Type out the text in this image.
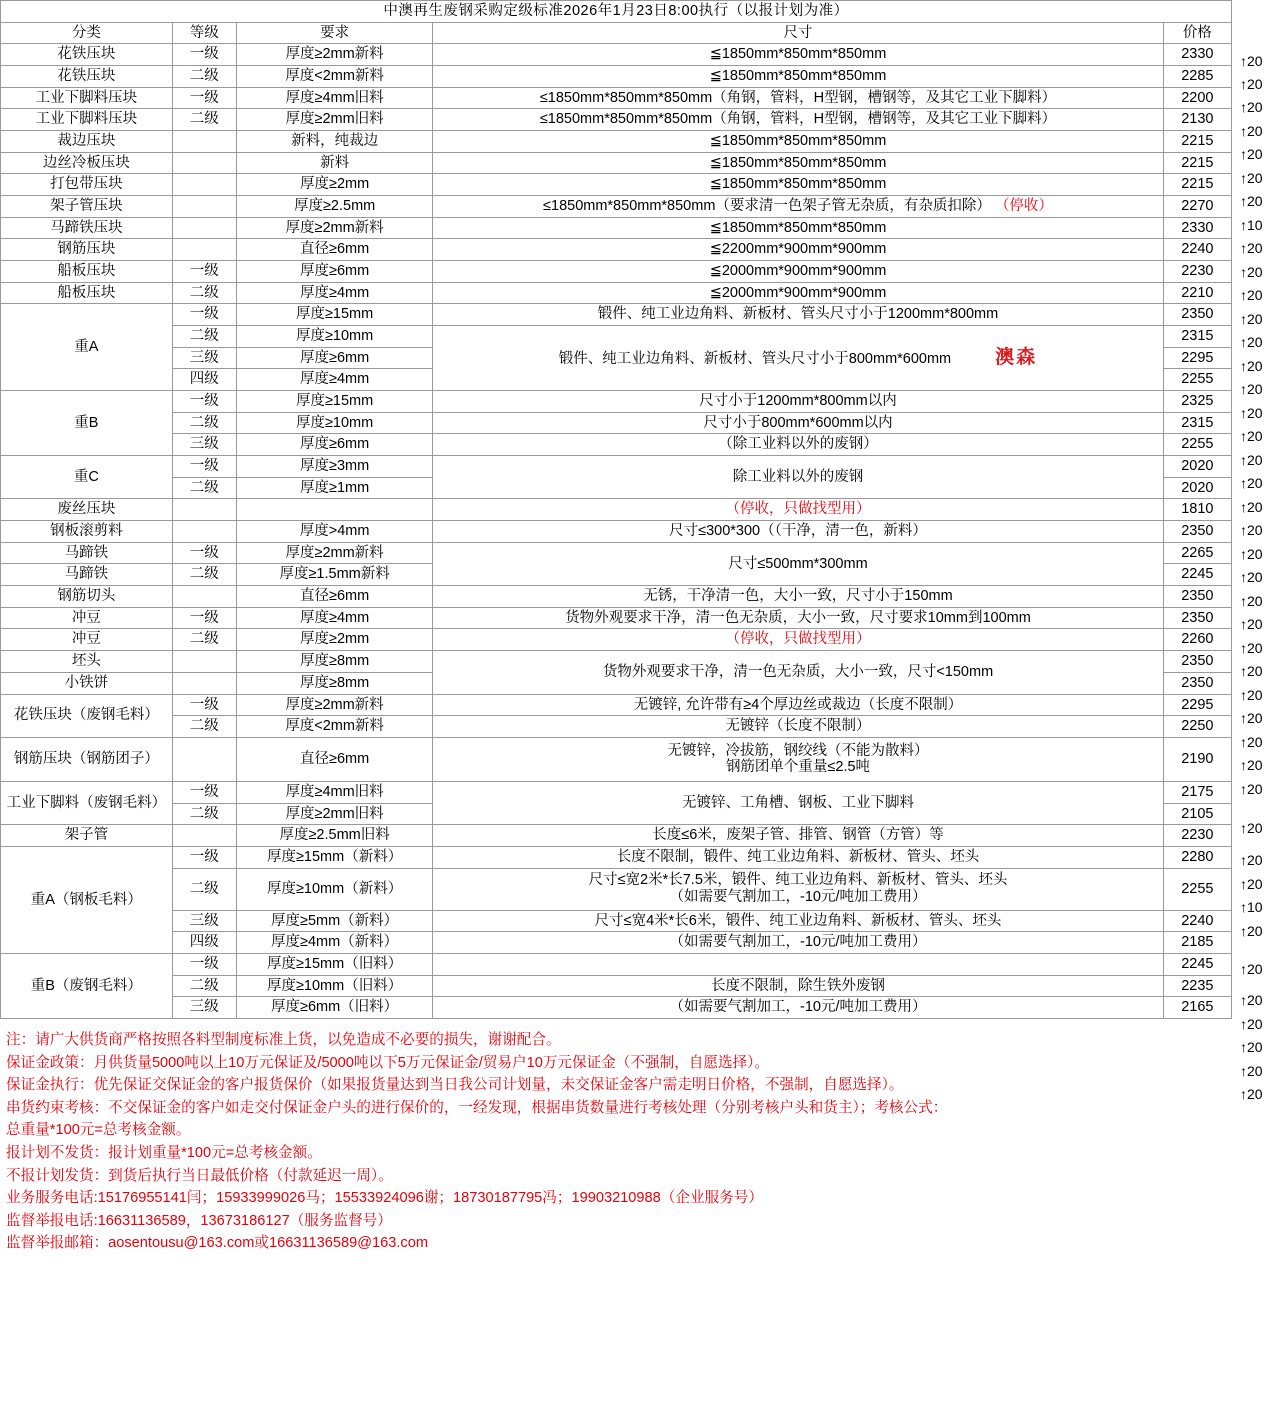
中澳再生废钢采购定级标准2026年1月23日8:00执行（以报计划为准）				
分类	等级	要求	尺寸	价格
花铁压块	一级	厚度≥2mm新料	≦1850mm*850mm*850mm	2330
花铁压块	二级	厚度<2mm新料	≦1850mm*850mm*850mm	2285
工业下脚料压块	一级	厚度≥4mm旧料	≤1850mm*850mm*850mm（角钢，管料，H型钢，槽钢等，及其它工业下脚料）	2200
工业下脚料压块	二级	厚度≥2mm旧料	≤1850mm*850mm*850mm（角钢，管料，H型钢，槽钢等，及其它工业下脚料）	2130
裁边压块		新料，纯裁边	≦1850mm*850mm*850mm	2215
边丝冷板压块		新料	≦1850mm*850mm*850mm	2215
打包带压块		厚度≥2mm	≦1850mm*850mm*850mm	2215
架子管压块		厚度≥2.5mm	≤1850mm*850mm*850mm（要求清一色架子管无杂质，有杂质扣除） （停收）	2270
马蹄铁压块		厚度≥2mm新料	≦1850mm*850mm*850mm	2330
钢筋压块		直径≥6mm	≦2200mm*900mm*900mm	2240
船板压块	一级	厚度≥6mm	≦2000mm*900mm*900mm	2230
船板压块	二级	厚度≥4mm	≦2000mm*900mm*900mm	2210
重A	一级	厚度≥15mm	锻件、纯工业边角料、新板材、管头尺寸小于1200mm*800mm	2350
	二级	厚度≥10mm	锻件、纯工业边角料、新板材、管头尺寸小于800mm*600mm 澳森	2315
	三级	厚度≥6mm		2295
	四级	厚度≥4mm		2255
重B	一级	厚度≥15mm	尺寸小于1200mm*800mm以内	2325
	二级	厚度≥10mm	尺寸小于800mm*600mm以内	2315
	三级	厚度≥6mm	（除工业料以外的废钢）	2255
重C	一级	厚度≥3mm	除工业料以外的废钢	2020
	二级	厚度≥1mm		2020
废丝压块			（停收，只做找型用）	1810
钢板滚剪料		厚度>4mm	尺寸≤300*300（（干净，清一色，新料）	2350
马蹄铁	一级	厚度≥2mm新料	尺寸≤500mm*300mm	2265
马蹄铁	二级	厚度≥1.5mm新料		2245
钢筋切头		直径≥6mm	无锈，干净清一色，大小一致，尺寸小于150mm	2350
冲豆	一级	厚度≥4mm	货物外观要求干净，清一色无杂质，大小一致，尺寸要求10mm到100mm	2350
冲豆	二级	厚度≥2mm	（停收，只做找型用）	2260
坯头		厚度≥8mm	货物外观要求干净，清一色无杂质，大小一致，尺寸<150mm	2350
小铁饼		厚度≥8mm		2350
花铁压块（废钢毛料）	一级	厚度≥2mm新料	无镀锌, 允许带有≥4个厚边丝或裁边（长度不限制）	2295
	二级	厚度<2mm新料	无镀锌（长度不限制）	2250
钢筋压块（钢筋团子）		直径≥6mm	无镀锌，冷拔筋，钢绞线（不能为散料）
钢筋团单个重量≤2.5吨	2190
工业下脚料（废钢毛料）	一级	厚度≥4mm旧料	无镀锌、工角槽、钢板、工业下脚料	2175
	二级	厚度≥2mm旧料		2105
架子管		厚度≥2.5mm旧料	长度≤6米，废架子管、排管、钢管（方管）等	2230
重A（钢板毛料）	一级	厚度≥15mm（新料）	长度不限制，锻件、纯工业边角料、新板材、管头、坯头	2280
	二级	厚度≥10mm（新料）	尺寸≤宽2米*长7.5米，锻件、纯工业边角料、新板材、管头、坯头
（如需要气割加工，-10元/吨加工费用）	2255
	三级	厚度≥5mm（新料）	尺寸≤宽4米*长6米，锻件、纯工业边角料、新板材、管头、坯头	2240
	四级	厚度≥4mm（新料）	（如需要气割加工，-10元/吨加工费用）	2185
重B（废钢毛料）	一级	厚度≥15mm（旧料）		2245
	二级	厚度≥10mm（旧料）	长度不限制，除生铁外废钢	2235
	三级	厚度≥6mm（旧料）	（如需要气割加工，-10元/吨加工费用）	2165
↑20
↑20
↑20
↑20
↑20
↑20
↑20
↑10
↑20
↑20
↑20
↑20
↑20
↑20
↑20
↑20
↑20
↑20
↑20
↑20
↑20
↑20
↑20
↑20
↑20
↑20
↑20
↑20
↑20
↑20
↑20
↑20
↑20
↑20
↑20
↑10
↑20
↑20
↑20
↑20
↑20
↑20
↑20
注：请广大供货商严格按照各料型制度标准上货，以免造成不必要的损失，谢谢配合。
保证金政策：月供货量5000吨以上10万元保证及/5000吨以下5万元保证金/贸易户10万元保证金（不强制，自愿选择）。
保证金执行：优先保证交保证金的客户报货保价（如果报货量达到当日我公司计划量，未交保证金客户需走明日价格，不强制，自愿选择）。
串货约束考核：不交保证金的客户如走交付保证金户头的进行保价的，一经发现，根据串货数量进行考核处理（分别考核户头和货主）；考核公式：
总重量*100元=总考核金额。
报计划不发货：报计划重量*100元=总考核金额。
不报计划发货：到货后执行当日最低价格（付款延迟一周）。
业务服务电话:15176955141闫；15933999026马；15533924096谢；18730187795冯；19903210988（企业服务号）
监督举报电话:16631136589，13673186127（服务监督号）
监督举报邮箱：aosentousu@163.com或16631136589@163.com
